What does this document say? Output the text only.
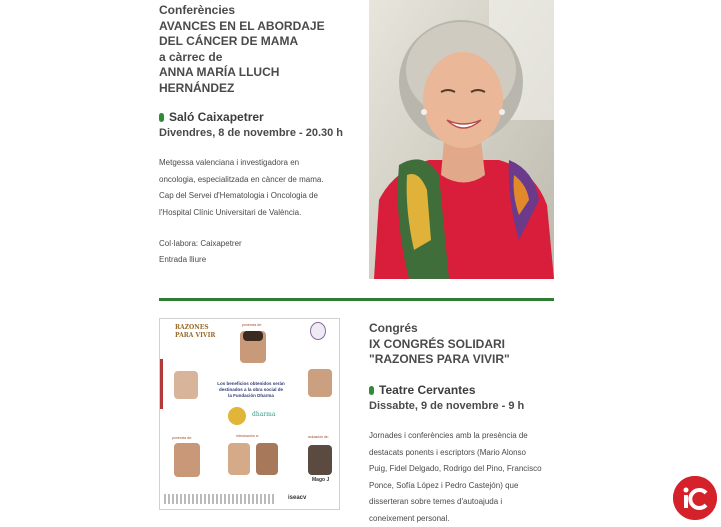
Conferències
AVANCES EN EL ABORDAJE
DEL CÁNCER DE MAMA
a càrrec de
ANNA MARÍA LLUCH
HERNÁNDEZ
Saló Caixapetrer
Divendres, 8 de novembre - 20.30 h
Metgessa valenciana i investigadora en
oncologia, especialitzada en càncer de mama.
Cap del Servei d'Hematologia i Oncologia de
l'Hospital Clínic Universitari de València.
Col·labora: Caixapetrer
Entrada lliure
RAZONES
PARA VIVIR
ponencia de:
Los beneficios obtenidos serán
destinados a la obra social de
la Fundación Dharma
dharma
ponencia de:	introducción a:	actuación de:
Mago J
iseacv
Congrés
IX CONGRÉS SOLIDARI
"RAZONES PARA VIVIR"
Teatre Cervantes
Dissabte, 9 de novembre - 9 h
Jornades i conferències amb la presència de
destacats ponents i escriptors (Mario Alonso
Puig, Fidel Delgado, Rodrigo del Pino, Francisco
Ponce, Sofía López i Pedro Castejón) que
disserteran sobre temes d'autoajuda i
coneixement personal.
